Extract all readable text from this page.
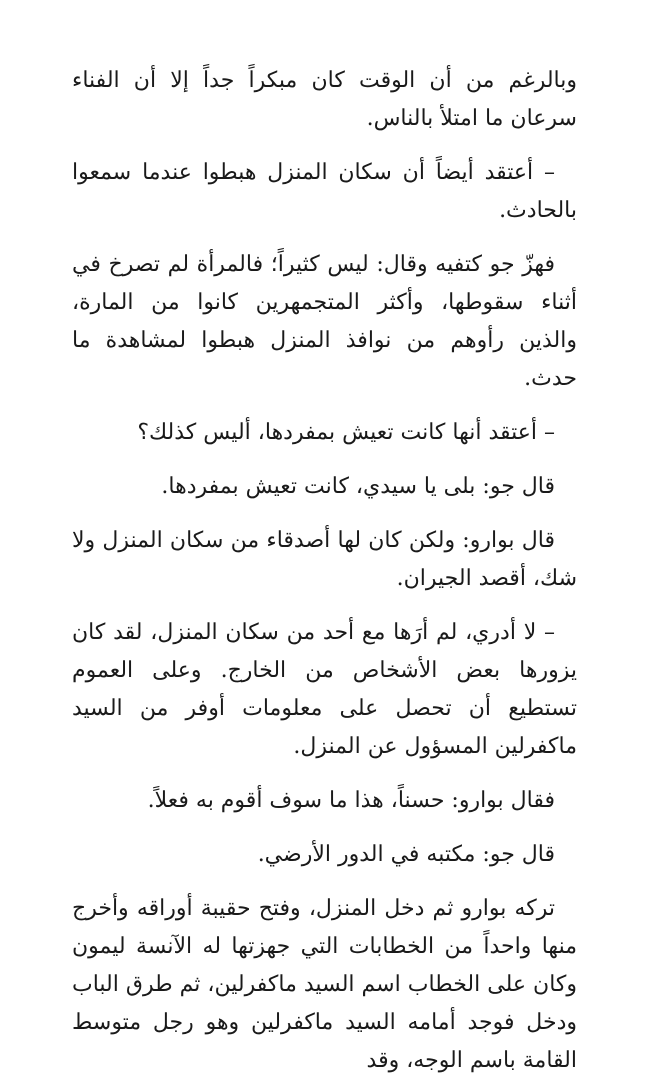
وبالرغم من أن الوقت كان مبكراً جداً إلا أن الفناء سرعان ما امتلأ بالناس.

– أعتقد أيضاً أن سكان المنزل هبطوا عندما سمعوا بالحادث.

فهزّ جو كتفيه وقال: ليس كثيراً؛ فالمرأة لم تصرخ في أثناء سقوطها، وأكثر المتجمهرين كانوا من المارة، والذين رأوهم من نوافذ المنزل هبطوا لمشاهدة ما حدث.

– أعتقد أنها كانت تعيش بمفردها، أليس كذلك؟

قال جو: بلى يا سيدي، كانت تعيش بمفردها.

قال بوارو: ولكن كان لها أصدقاء من سكان المنزل ولا شك، أقصد الجيران.

– لا أدري، لم أرَها مع أحد من سكان المنزل، لقد كان يزورها بعض الأشخاص من الخارج. وعلى العموم تستطيع أن تحصل على معلومات أوفر من السيد ماكفرلين المسؤول عن المنزل.

فقال بوارو: حسناً، هذا ما سوف أقوم به فعلاً.

قال جو: مكتبه في الدور الأرضي.

تركه بوارو ثم دخل المنزل، وفتح حقيبة أوراقه وأخرج منها واحداً من الخطابات التي جهزتها له الآنسة ليمون وكان على الخطاب اسم السيد ماكفرلين، ثم طرق الباب ودخل فوجد أمامه السيد ماكفرلين وهو رجل متوسط القامة باسم الوجه، وقد
